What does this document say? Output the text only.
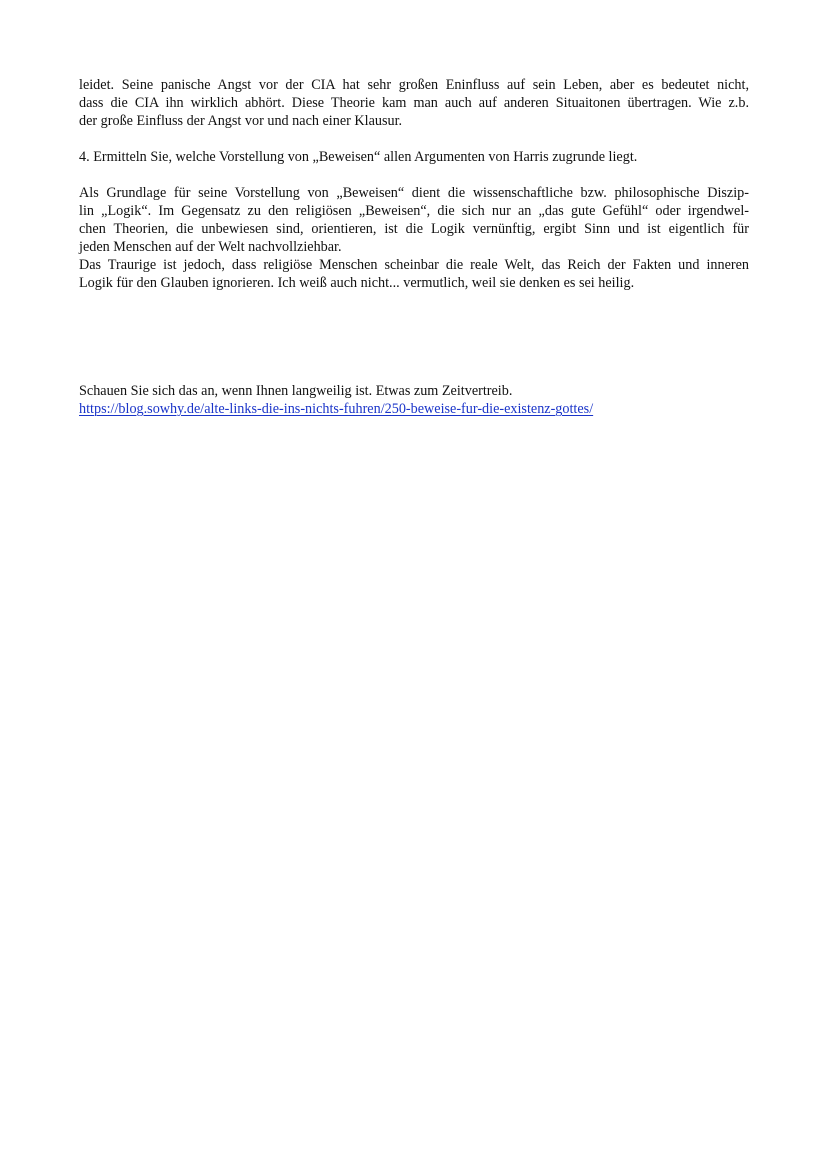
leidet. Seine panische Angst vor der CIA hat sehr großen Eninfluss auf sein Leben, aber es bedeutet nicht,
dass die CIA ihn wirklich abhört. Diese Theorie kam man auch auf anderen Situaitonen übertragen. Wie z.b.
der große Einfluss der Angst vor und nach einer Klausur.

4. Ermitteln Sie, welche Vorstellung von „Beweisen“ allen Argumenten von Harris zugrunde liegt.

Als Grundlage für seine Vorstellung von „Beweisen“ dient die wissenschaftliche bzw. philosophische Diszip-
lin „Logik“. Im Gegensatz zu den religiösen „Beweisen“, die sich nur an „das gute Gefühl“ oder irgendwel-
chen Theorien, die unbewiesen sind, orientieren, ist die Logik vernünftig, ergibt Sinn und ist eigentlich für
jeden Menschen auf der Welt nachvollziehbar.

Das Traurige ist jedoch, dass religiöse Menschen scheinbar die reale Welt, das Reich der Fakten und inneren
Logik für den Glauben ignorieren. Ich weiß auch nicht... vermutlich, weil sie denken es sei heilig.

Schauen Sie sich das an, wenn Ihnen langweilig ist. Etwas zum Zeitvertreib.
https://blog.sowhy.de/alte-links-die-ins-nichts-fuhren/250-beweise-fur-die-existenz-gottes/
